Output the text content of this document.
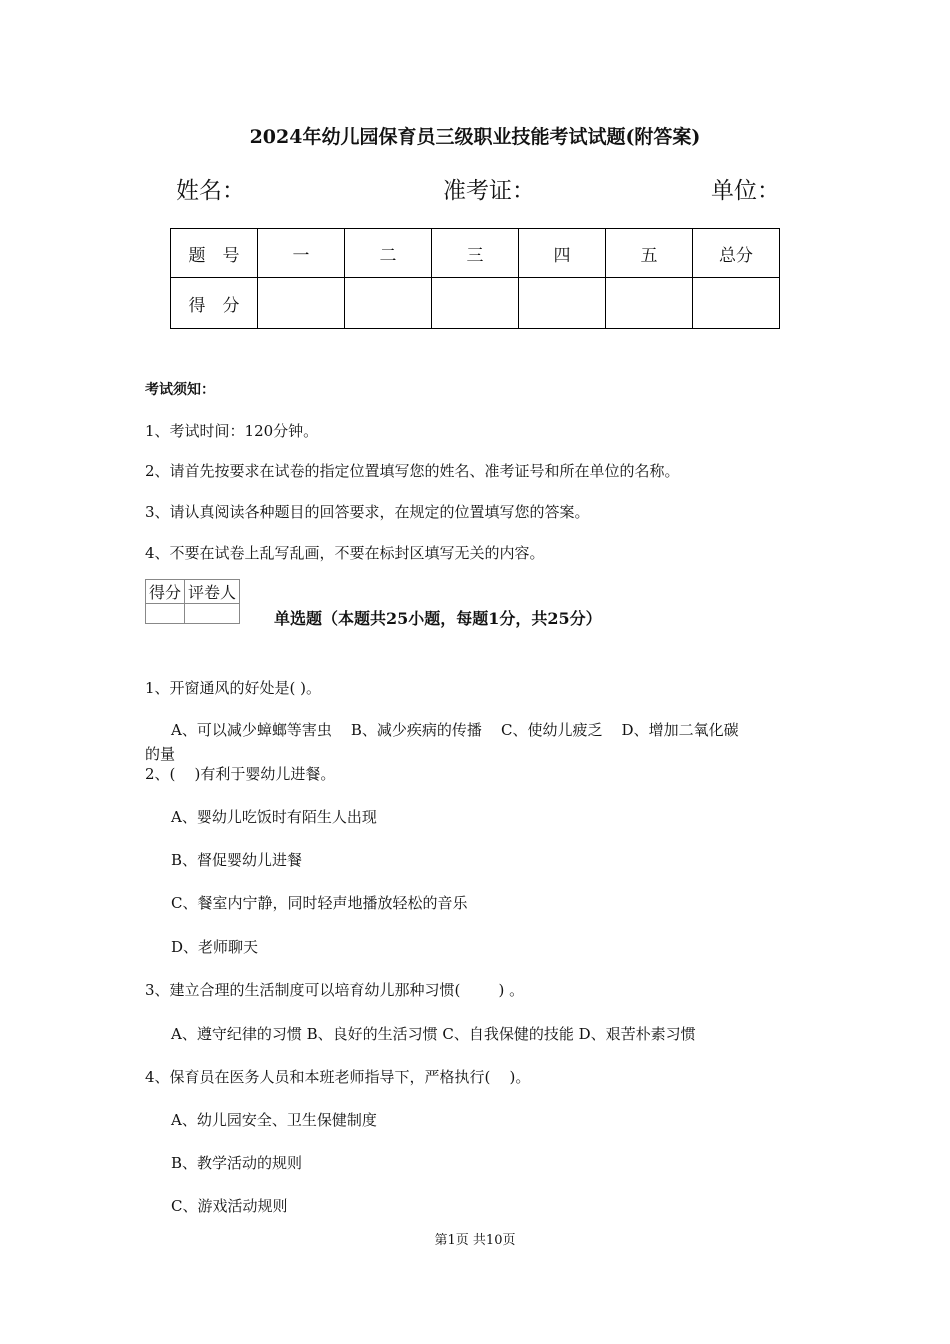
2024年幼儿园保育员三级职业技能考试试题(附答案)
姓名：	准考证：	单位：
题　号	一	二	三	四	五	总分
得　分						
考试须知：
1、考试时间：120分钟。
2、请首先按要求在试卷的指定位置填写您的姓名、准考证号和所在单位的名称。
3、请认真阅读各种题目的回答要求，在规定的位置填写您的答案。
4、不要在试卷上乱写乱画，不要在标封区填写无关的内容。
得分	评卷人

单选题（本题共25小题，每题1分，共25分）
1、开窗通风的好处是( )。
A、可以减少蟑螂等害虫    B、减少疾病的传播    C、使幼儿疲乏    D、增加二氧化碳
的量
2、(    )有利于婴幼儿进餐。
A、婴幼儿吃饭时有陌生人出现
B、督促婴幼儿进餐
C、餐室内宁静，同时轻声地播放轻松的音乐
D、老师聊天
3、建立合理的生活制度可以培育幼儿那种习惯(        ) 。
A、遵守纪律的习惯 B、良好的生活习惯 C、自我保健的技能 D、艰苦朴素习惯
4、保育员在医务人员和本班老师指导下，严格执行(    )。
A、幼儿园安全、卫生保健制度
B、教学活动的规则
C、游戏活动规则
第1页 共10页
